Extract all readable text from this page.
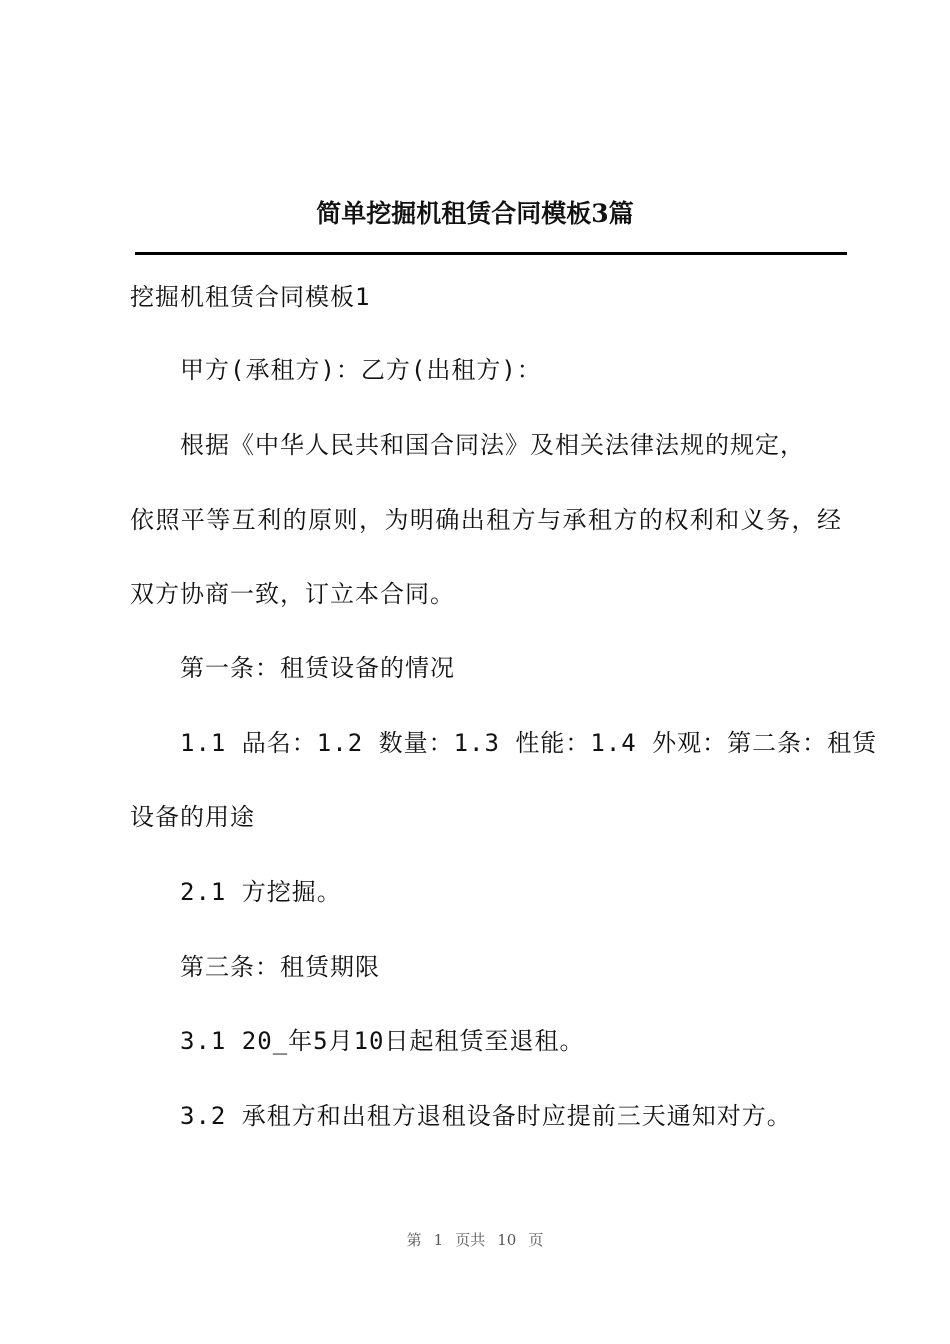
简单挖掘机租赁合同模板3篇
挖掘机租赁合同模板1
甲方(承租方)：乙方(出租方)：
根据《中华人民共和国合同法》及相关法律法规的规定，
依照平等互利的原则，为明确出租方与承租方的权利和义务，经
双方协商一致，订立本合同。
第一条：租赁设备的情况
1.1 品名：1.2 数量：1.3 性能：1.4 外观：第二条：租赁
设备的用途
2.1 方挖掘。
第三条：租赁期限
3.1 20_年5月10日起租赁至退租。
3.2 承租方和出租方退租设备时应提前三天通知对方。
第 1 页共 10 页
